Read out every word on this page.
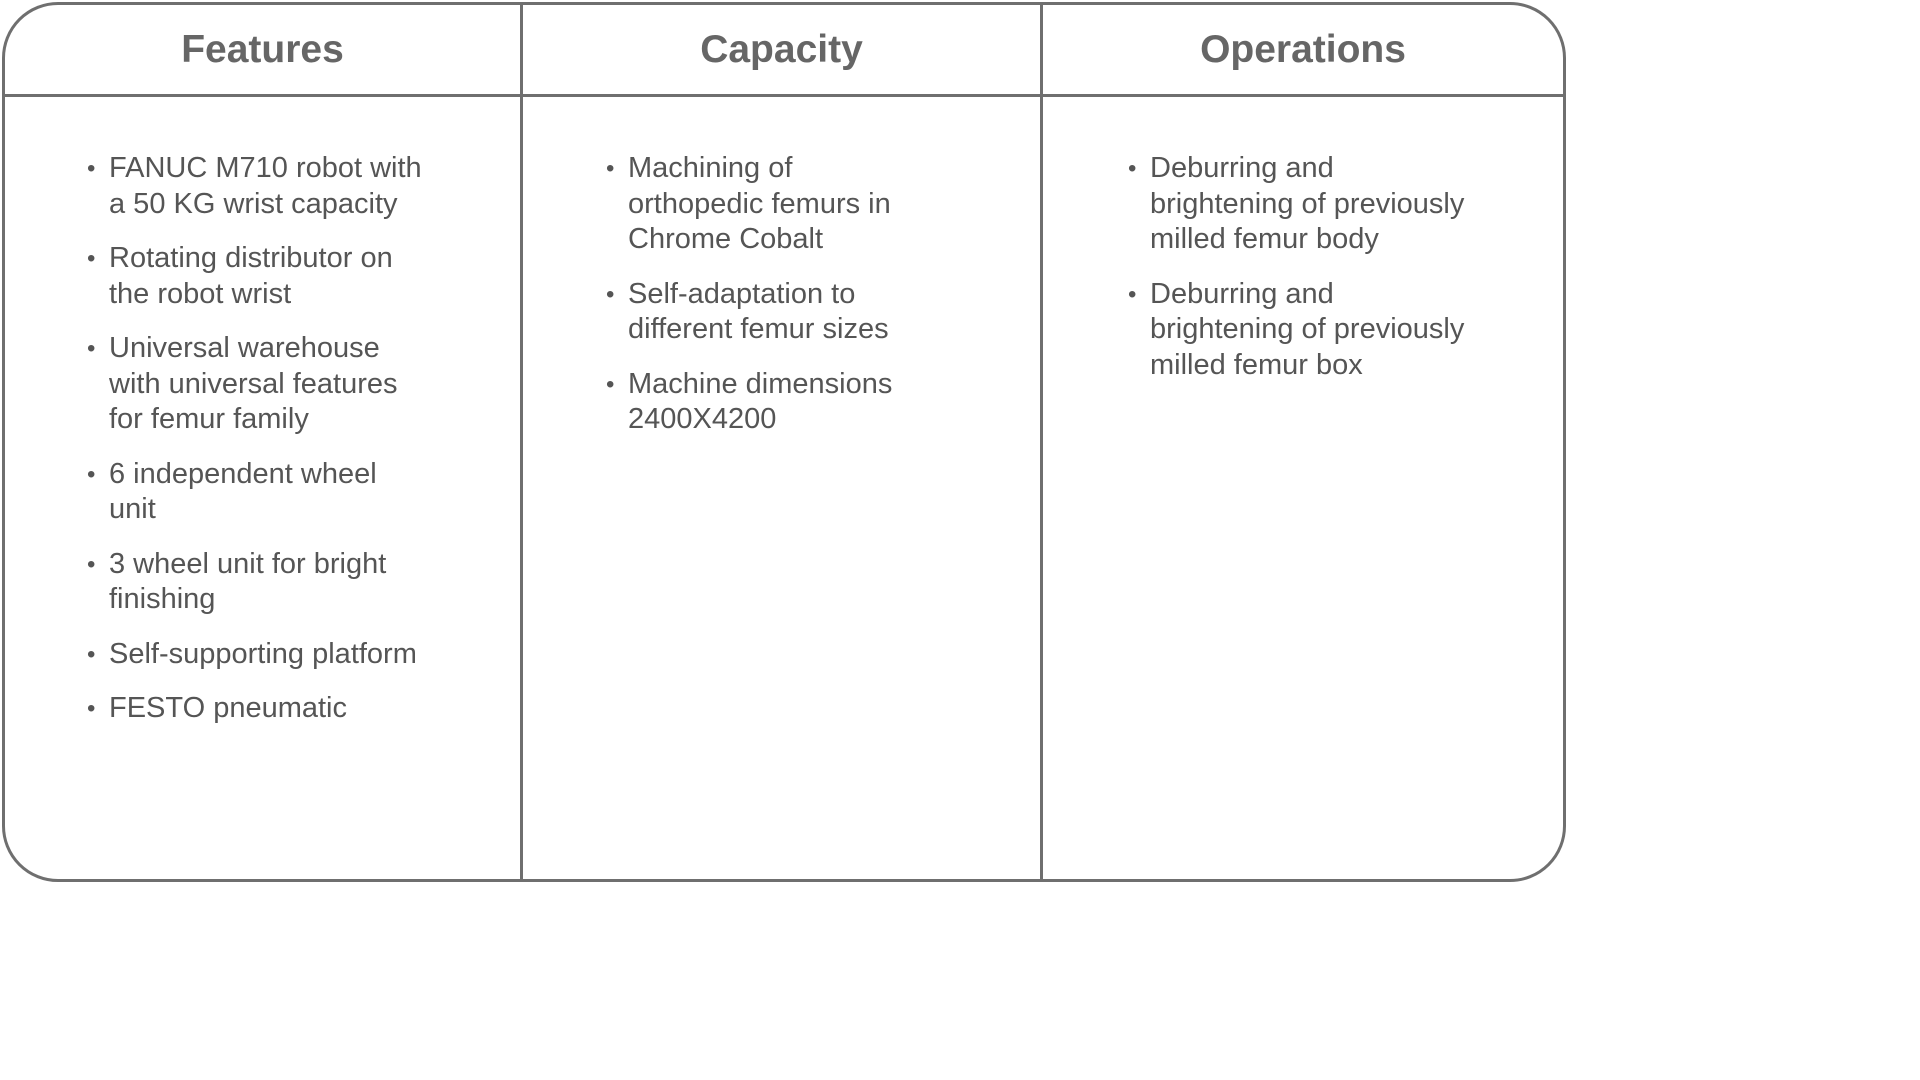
Features
• FANUC M710 robot with a 50 KG wrist capacity
• Rotating distributor on the robot wrist
• Universal warehouse with universal features for femur family
• 6 independent wheel unit
• 3 wheel unit for bright finishing
• Self-supporting platform
• FESTO pneumatic
Capacity
• Machining of orthopedic femurs in Chrome Cobalt
• Self-adaptation to different femur sizes
• Machine dimensions 2400X4200
Operations
• Deburring and brightening of previously milled femur body
• Deburring and brightening of previously milled femur box
